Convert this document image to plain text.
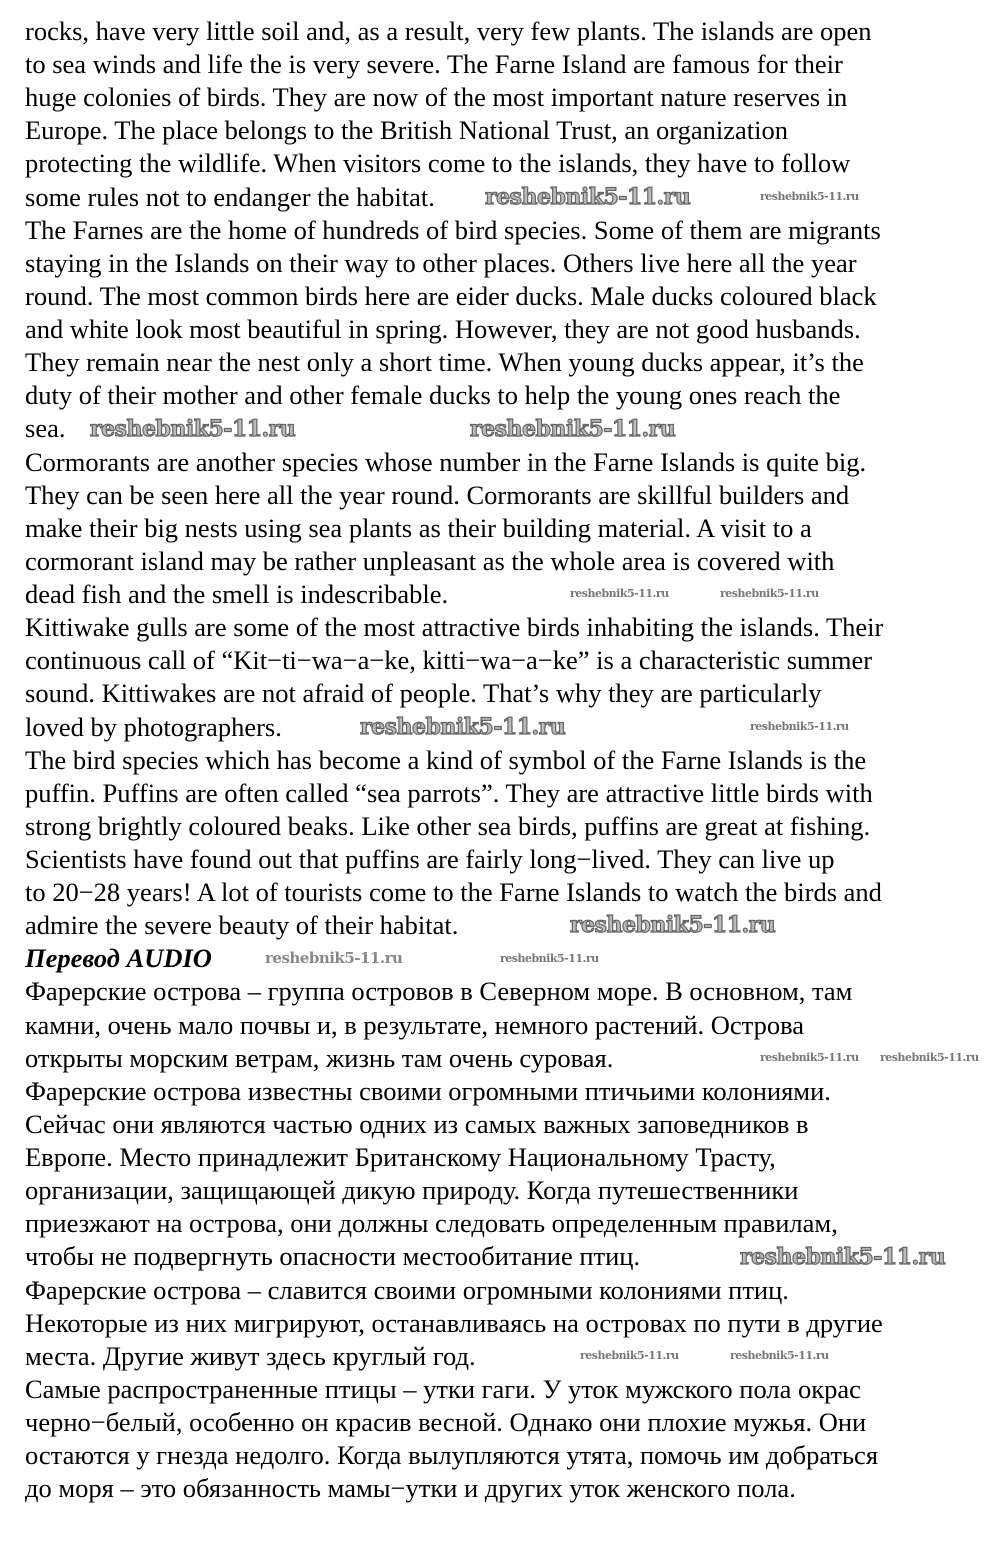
rocks, have very little soil and, as a result, very few plants. The islands are open
to sea winds and life the is very severe. The Farne Island are famous for their
huge colonies of birds. They are now of the most important nature reserves in
Europe. The place belongs to the British National Trust, an organization
protecting the wildlife. When visitors come to the islands, they have to follow
some rules not to endanger the habitat.
The Farnes are the home of hundreds of bird species. Some of them are migrants
staying in the Islands on their way to other places. Others live here all the year
round. The most common birds here are eider ducks. Male ducks coloured black
and white look most beautiful in spring. However, they are not good husbands.
They remain near the nest only a short time. When young ducks appear, it’s the
duty of their mother and other female ducks to help the young ones reach the
sea.
Cormorants are another species whose number in the Farne Islands is quite big.
They can be seen here all the year round. Cormorants are skillful builders and
make their big nests using sea plants as their building material. A visit to a
cormorant island may be rather unpleasant as the whole area is covered with
dead fish and the smell is indescribable.
Kittiwake gulls are some of the most attractive birds inhabiting the islands. Their
continuous call of “Kit−ti−wa−a−ke, kitti−wa−a−ke” is a characteristic summer
sound. Kittiwakes are not afraid of people. That’s why they are particularly
loved by photographers.
The bird species which has become a kind of symbol of the Farne Islands is the
puffin. Puffins are often called “sea parrots”. They are attractive little birds with
strong brightly coloured beaks. Like other sea birds, puffins are great at fishing.
Scientists have found out that puffins are fairly long−lived. They can live up
to 20−28 years! A lot of tourists come to the Farne Islands to watch the birds and
admire the severe beauty of their habitat.
Перевод AUDIO
Фарерские острова – группа островов в Северном море. В основном, там
камни, очень мало почвы и, в результате, немного растений. Острова
открыты морским ветрам, жизнь там очень суровая.
Фарерские острова известны своими огромными птичьими колониями.
Сейчас они являются частью одних из самых важных заповедников в
Европе. Место принадлежит Британскому Национальному Трасту,
организации, защищающей дикую природу. Когда путешественники
приезжают на острова, они должны следовать определенным правилам,
чтобы не подвергнуть опасности местообитание птиц.
Фарерские острова – славится своими огромными колониями птиц.
Некоторые из них мигрируют, останавливаясь на островах по пути в другие
места. Другие живут здесь круглый год.
Самые распространенные птицы – утки гаги. У уток мужского пола окрас
черно−белый, особенно он красив весной. Однако они плохие мужья. Они
остаются у гнезда недолго. Когда вылупляются утята, помочь им добраться
до моря – это обязанность мамы−утки и других уток женского пола.
reshebnik5-11.ru	reshebnik5-11.ru
reshebnik5-11.ru	reshebnik5-11.ru
reshebnik5-11.ru	reshebnik5-11.ru
reshebnik5-11.ru	reshebnik5-11.ru
reshebnik5-11.ru
reshebnik5-11.ru	reshebnik5-11.ru
reshebnik5-11.ru reshebnik5-11.ru
reshebnik5-11.ru
reshebnik5-11.ru	reshebnik5-11.ru
